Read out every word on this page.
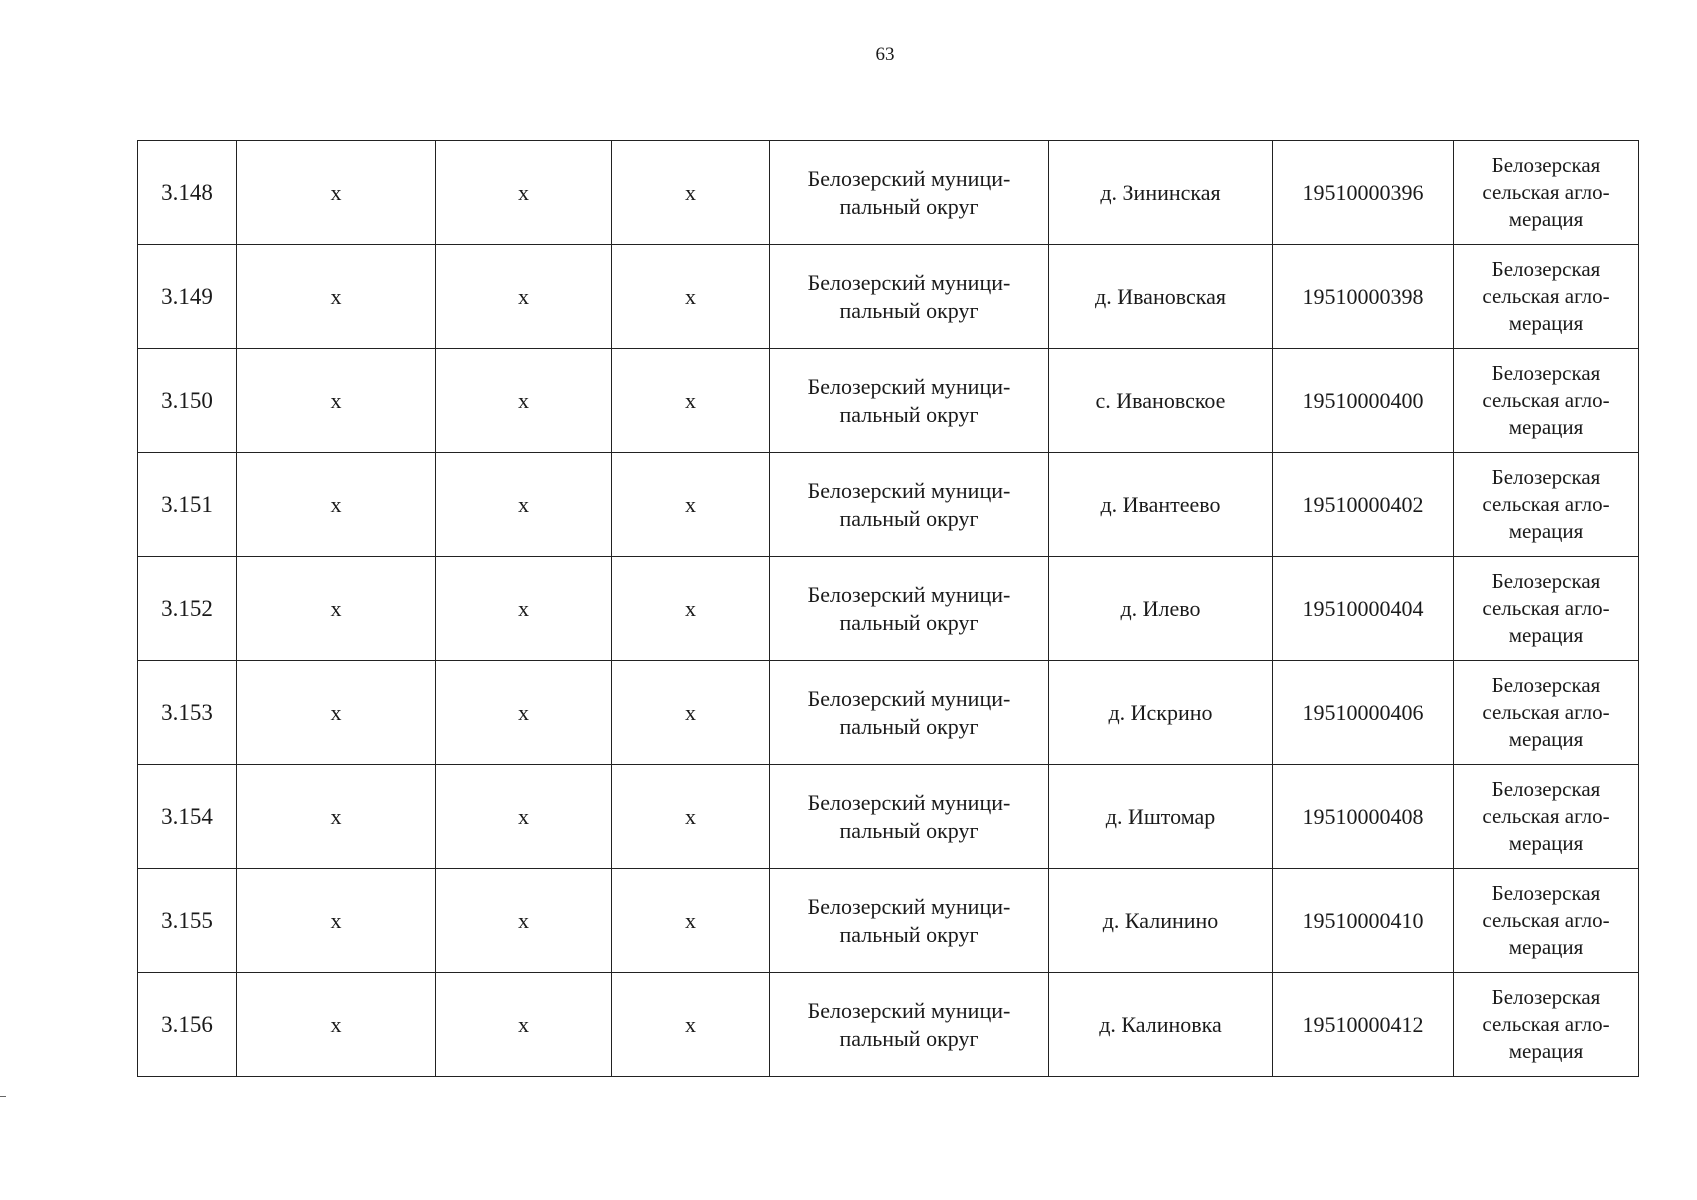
63
3.148	х	х	х	Белозерский муници-
пальный округ	д. Зининская	19510000396	Белозерская
сельская агло-
мерация
3.149	х	х	х	Белозерский муници-
пальный округ	д. Ивановская	19510000398	Белозерская
сельская агло-
мерация
3.150	х	х	х	Белозерский муници-
пальный округ	с. Ивановское	19510000400	Белозерская
сельская агло-
мерация
3.151	х	х	х	Белозерский муници-
пальный округ	д. Ивантеево	19510000402	Белозерская
сельская агло-
мерация
3.152	х	х	х	Белозерский муници-
пальный округ	д. Илево	19510000404	Белозерская
сельская агло-
мерация
3.153	х	х	х	Белозерский муници-
пальный округ	д. Искрино	19510000406	Белозерская
сельская агло-
мерация
3.154	х	х	х	Белозерский муници-
пальный округ	д. Иштомар	19510000408	Белозерская
сельская агло-
мерация
3.155	х	х	х	Белозерский муници-
пальный округ	д. Калинино	19510000410	Белозерская
сельская агло-
мерация
3.156	х	х	х	Белозерский муници-
пальный округ	д. Калиновка	19510000412	Белозерская
сельская агло-
мерация
